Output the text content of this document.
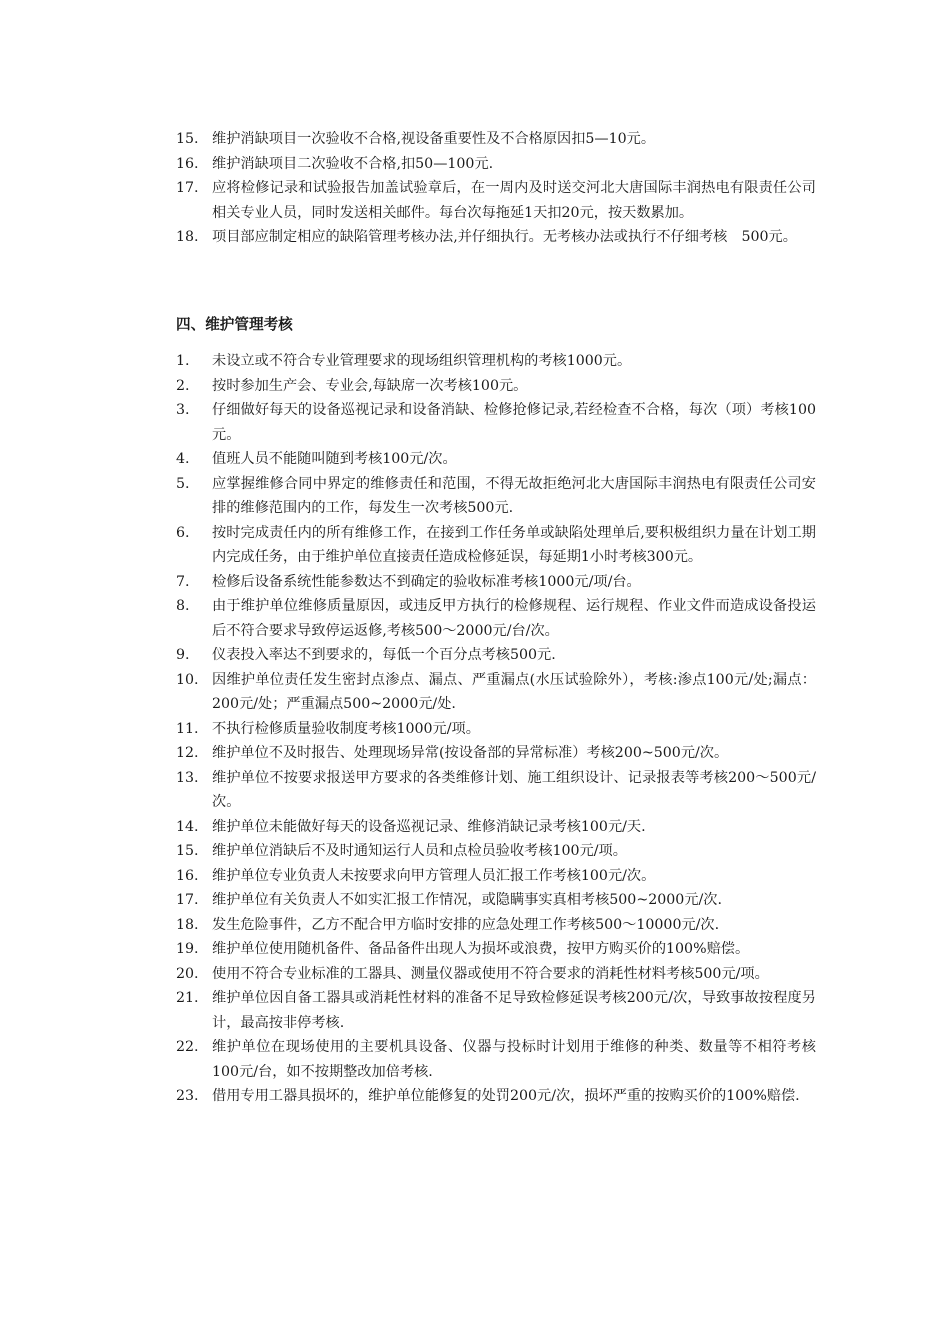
15. 维护消缺项目一次验收不合格,视设备重要性及不合格原因扣5—10元。
16. 维护消缺项目二次验收不合格,扣50—100元.
17. 应将检修记录和试验报告加盖试验章后，在一周内及时送交河北大唐国际丰润热电有限责任公司相关专业人员，同时发送相关邮件。每台次每拖延1天扣20元，按天数累加。
18. 项目部应制定相应的缺陷管理考核办法,并仔细执行。无考核办法或执行不仔细考核　500元。
四、维护管理考核
1.	未设立或不符合专业管理要求的现场组织管理机构的考核1000元。
2.	按时参加生产会、专业会,每缺席一次考核100元。
3.	仔细做好每天的设备巡视记录和设备消缺、检修抢修记录,若经检查不合格，每次（项）考核100元。
4.	值班人员不能随叫随到考核100元/次。
5.	应掌握维修合同中界定的维修责任和范围，不得无故拒绝河北大唐国际丰润热电有限责任公司安排的维修范围内的工作，每发生一次考核500元.
6.	按时完成责任内的所有维修工作，在接到工作任务单或缺陷处理单后,要积极组织力量在计划工期内完成任务，由于维护单位直接责任造成检修延误，每延期1小时考核300元。
7.	检修后设备系统性能参数达不到确定的验收标准考核1000元/项/台。
8.	由于维护单位维修质量原因，或违反甲方执行的检修规程、运行规程、作业文件而造成设备投运后不符合要求导致停运返修,考核500～2000元/台/次。
9.	仪表投入率达不到要求的，每低一个百分点考核500元.
10. 因维护单位责任发生密封点渗点、漏点、严重漏点(水压试验除外），考核:渗点100元/处;漏点：200元/处；严重漏点500~2000元/处.
11. 不执行检修质量验收制度考核1000元/项。
12. 维护单位不及时报告、处理现场异常(按设备部的异常标准）考核200~500元/次。
13. 维护单位不按要求报送甲方要求的各类维修计划、施工组织设计、记录报表等考核200～500元/次。
14. 维护单位未能做好每天的设备巡视记录、维修消缺记录考核100元/天.
15. 维护单位消缺后不及时通知运行人员和点检员验收考核100元/项。
16. 维护单位专业负责人未按要求向甲方管理人员汇报工作考核100元/次。
17. 维护单位有关负责人不如实汇报工作情况，或隐瞒事实真相考核500~2000元/次.
18. 发生危险事件，乙方不配合甲方临时安排的应急处理工作考核500～10000元/次.
19. 维护单位使用随机备件、备品备件出现人为损坏或浪费，按甲方购买价的100%赔偿。
20. 使用不符合专业标准的工器具、测量仪器或使用不符合要求的消耗性材料考核500元/项。
21. 维护单位因自备工器具或消耗性材料的准备不足导致检修延误考核200元/次，导致事故按程度另计，最高按非停考核.
22. 维护单位在现场使用的主要机具设备、仪器与投标时计划用于维修的种类、数量等不相符考核100元/台，如不按期整改加倍考核.
23. 借用专用工器具损坏的，维护单位能修复的处罚200元/次，损坏严重的按购买价的100%赔偿.
